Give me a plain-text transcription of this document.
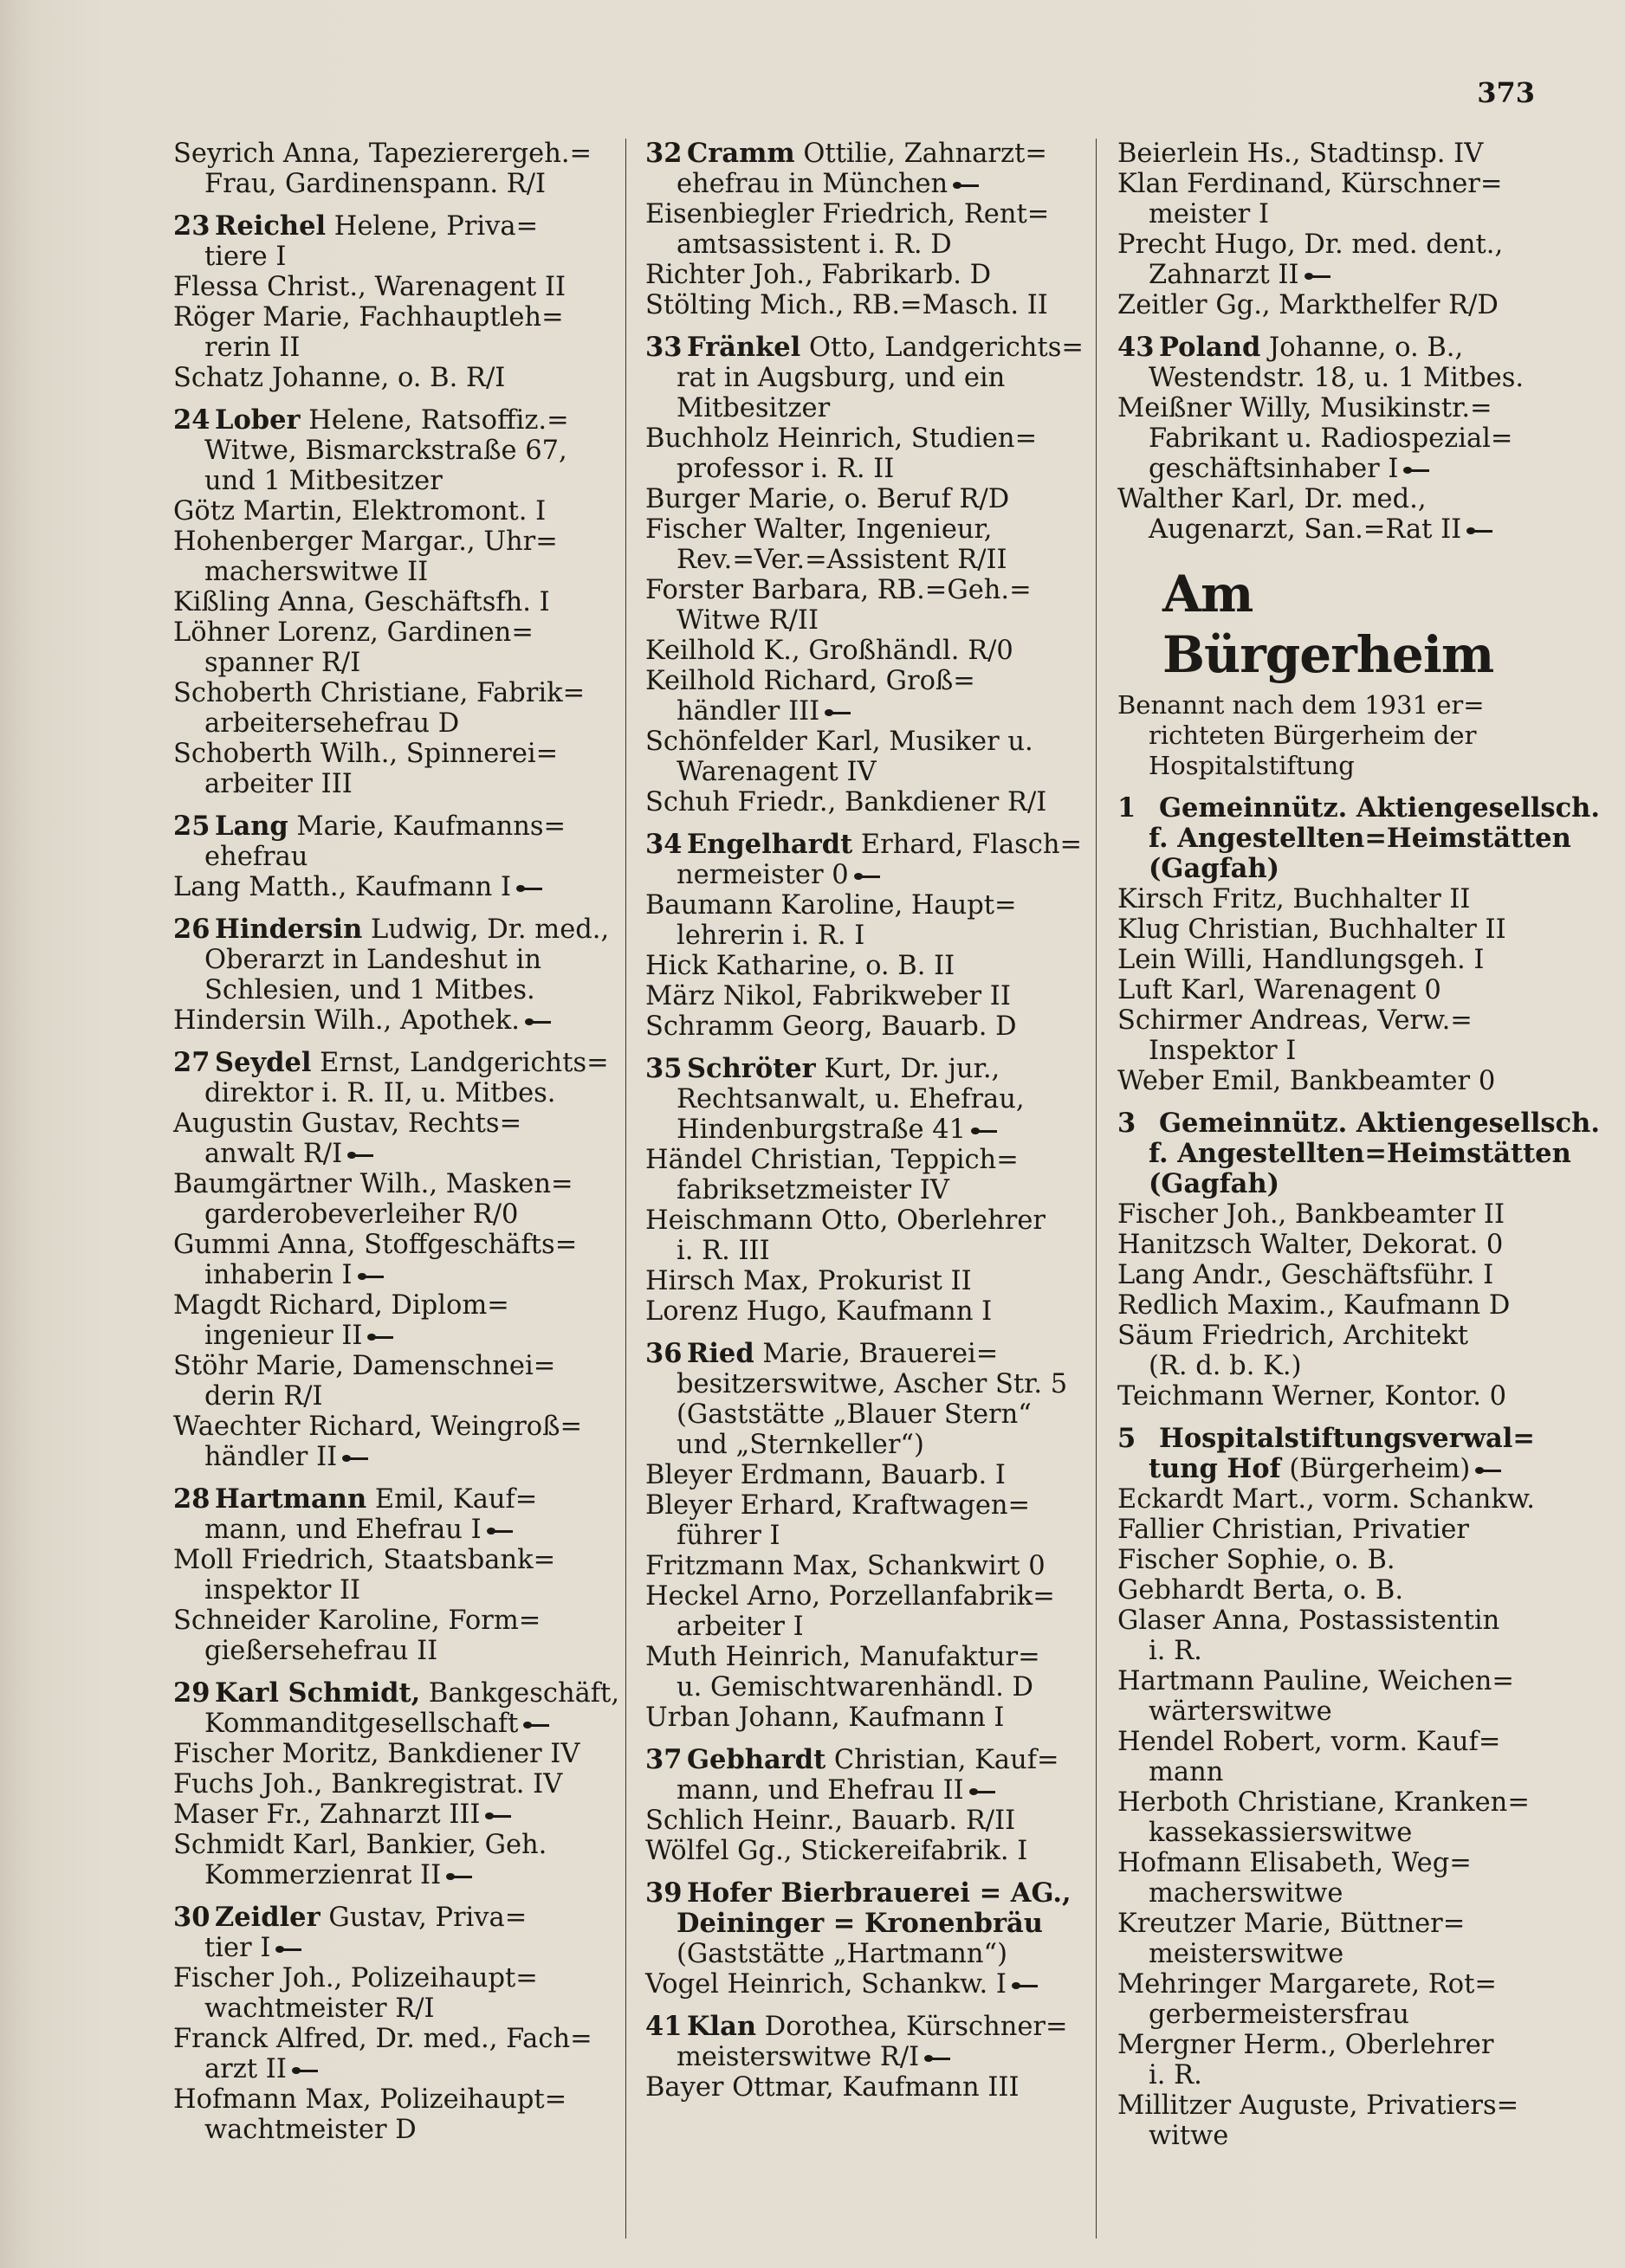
373
Seyrich Anna, Tapezierergeh.=
Frau, Gardinenspann. R/I
23 Reichel Helene, Priva=
tiere I
Flessa Christ., Warenagent II
Röger Marie, Fachhauptleh=
rerin II
Schatz Johanne, o. B. R/I
24 Lober Helene, Ratsoffiz.=
Witwe, Bismarckstraße 67,
und 1 Mitbesitzer
Götz Martin, Elektromont. I
Hohenberger Margar., Uhr=
macherswitwe II
Kißling Anna, Geschäftsfh. I
Löhner Lorenz, Gardinen=
spanner R/I
Schoberth Christiane, Fabrik=
arbeitersehefrau D
Schoberth Wilh., Spinnerei=
arbeiter III
25 Lang Marie, Kaufmanns=
ehefrau
Lang Matth., Kaufmann I
26 Hindersin Ludwig, Dr. med.,
Oberarzt in Landeshut in
Schlesien, und 1 Mitbes.
Hindersin Wilh., Apothek.
27 Seydel Ernst, Landgerichts=
direktor i. R. II, u. Mitbes.
Augustin Gustav, Rechts=
anwalt R/I
Baumgärtner Wilh., Masken=
garderobeverleiher R/0
Gummi Anna, Stoffgeschäfts=
inhaberin I
Magdt Richard, Diplom=
ingenieur II
Stöhr Marie, Damenschnei=
derin R/I
Waechter Richard, Weingroß=
händler II
28 Hartmann Emil, Kauf=
mann, und Ehefrau I
Moll Friedrich, Staatsbank=
inspektor II
Schneider Karoline, Form=
gießersehefrau II
29 Karl Schmidt, Bankgeschäft,
Kommanditgesellschaft
Fischer Moritz, Bankdiener IV
Fuchs Joh., Bankregistrat. IV
Maser Fr., Zahnarzt III
Schmidt Karl, Bankier, Geh.
Kommerzienrat II
30 Zeidler Gustav, Priva=
tier I
Fischer Joh., Polizeihaupt=
wachtmeister R/I
Franck Alfred, Dr. med., Fach=
arzt II
Hofmann Max, Polizeihaupt=
wachtmeister D
32 Cramm Ottilie, Zahnarzt=
ehefrau in München
Eisenbiegler Friedrich, Rent=
amtsassistent i. R. D
Richter Joh., Fabrikarb. D
Stölting Mich., RB.=Masch. II
33 Fränkel Otto, Landgerichts=
rat in Augsburg, und ein
Mitbesitzer
Buchholz Heinrich, Studien=
professor i. R. II
Burger Marie, o. Beruf R/D
Fischer Walter, Ingenieur,
Rev.=Ver.=Assistent R/II
Forster Barbara, RB.=Geh.=
Witwe R/II
Keilhold K., Großhändl. R/0
Keilhold Richard, Groß=
händler III
Schönfelder Karl, Musiker u.
Warenagent IV
Schuh Friedr., Bankdiener R/I
34 Engelhardt Erhard, Flasch=
nermeister 0
Baumann Karoline, Haupt=
lehrerin i. R. I
Hick Katharine, o. B. II
März Nikol, Fabrikweber II
Schramm Georg, Bauarb. D
35 Schröter Kurt, Dr. jur.,
Rechtsanwalt, u. Ehefrau,
Hindenburgstraße 41
Händel Christian, Teppich=
fabriksetzmeister IV
Heischmann Otto, Oberlehrer
i. R. III
Hirsch Max, Prokurist II
Lorenz Hugo, Kaufmann I
36 Ried Marie, Brauerei=
besitzerswitwe, Ascher Str. 5
(Gaststätte „Blauer Stern“
und „Sternkeller“)
Bleyer Erdmann, Bauarb. I
Bleyer Erhard, Kraftwagen=
führer I
Fritzmann Max, Schankwirt 0
Heckel Arno, Porzellanfabrik=
arbeiter I
Muth Heinrich, Manufaktur=
u. Gemischtwarenhändl. D
Urban Johann, Kaufmann I
37 Gebhardt Christian, Kauf=
mann, und Ehefrau II
Schlich Heinr., Bauarb. R/II
Wölfel Gg., Stickereifabrik. I
39 Hofer Bierbrauerei = AG.,
Deininger = Kronenbräu
(Gaststätte „Hartmann“)
Vogel Heinrich, Schankw. I
41 Klan Dorothea, Kürschner=
meisterswitwe R/I
Bayer Ottmar, Kaufmann III
Beierlein Hs., Stadtinsp. IV
Klan Ferdinand, Kürschner=
meister I
Precht Hugo, Dr. med. dent.,
Zahnarzt II
Zeitler Gg., Markthelfer R/D
43 Poland Johanne, o. B.,
Westendstr. 18, u. 1 Mitbes.
Meißner Willy, Musikinstr.=
Fabrikant u. Radiospezial=
geschäftsinhaber I
Walther Karl, Dr. med.,
Augenarzt, San.=Rat II
Am Bürgerheim
Benannt nach dem 1931 er=
richteten Bürgerheim der
Hospitalstiftung
1 Gemeinnütz. Aktiengesellsch.
f. Angestellten=Heimstätten
(Gagfah)
Kirsch Fritz, Buchhalter II
Klug Christian, Buchhalter II
Lein Willi, Handlungsgeh. I
Luft Karl, Warenagent 0
Schirmer Andreas, Verw.=
Inspektor I
Weber Emil, Bankbeamter 0
3 Gemeinnütz. Aktiengesellsch.
f. Angestellten=Heimstätten
(Gagfah)
Fischer Joh., Bankbeamter II
Hanitzsch Walter, Dekorat. 0
Lang Andr., Geschäftsführ. I
Redlich Maxim., Kaufmann D
Säum Friedrich, Architekt
(R. d. b. K.)
Teichmann Werner, Kontor. 0
5 Hospitalstiftungsverwal=
tung Hof (Bürgerheim)
Eckardt Mart., vorm. Schankw.
Fallier Christian, Privatier
Fischer Sophie, o. B.
Gebhardt Berta, o. B.
Glaser Anna, Postassistentin
i. R.
Hartmann Pauline, Weichen=
wärterswitwe
Hendel Robert, vorm. Kauf=
mann
Herboth Christiane, Kranken=
kassekassierswitwe
Hofmann Elisabeth, Weg=
macherswitwe
Kreutzer Marie, Büttner=
meisterswitwe
Mehringer Margarete, Rot=
gerbermeistersfrau
Mergner Herm., Oberlehrer
i. R.
Millitzer Auguste, Privatiers=
witwe
